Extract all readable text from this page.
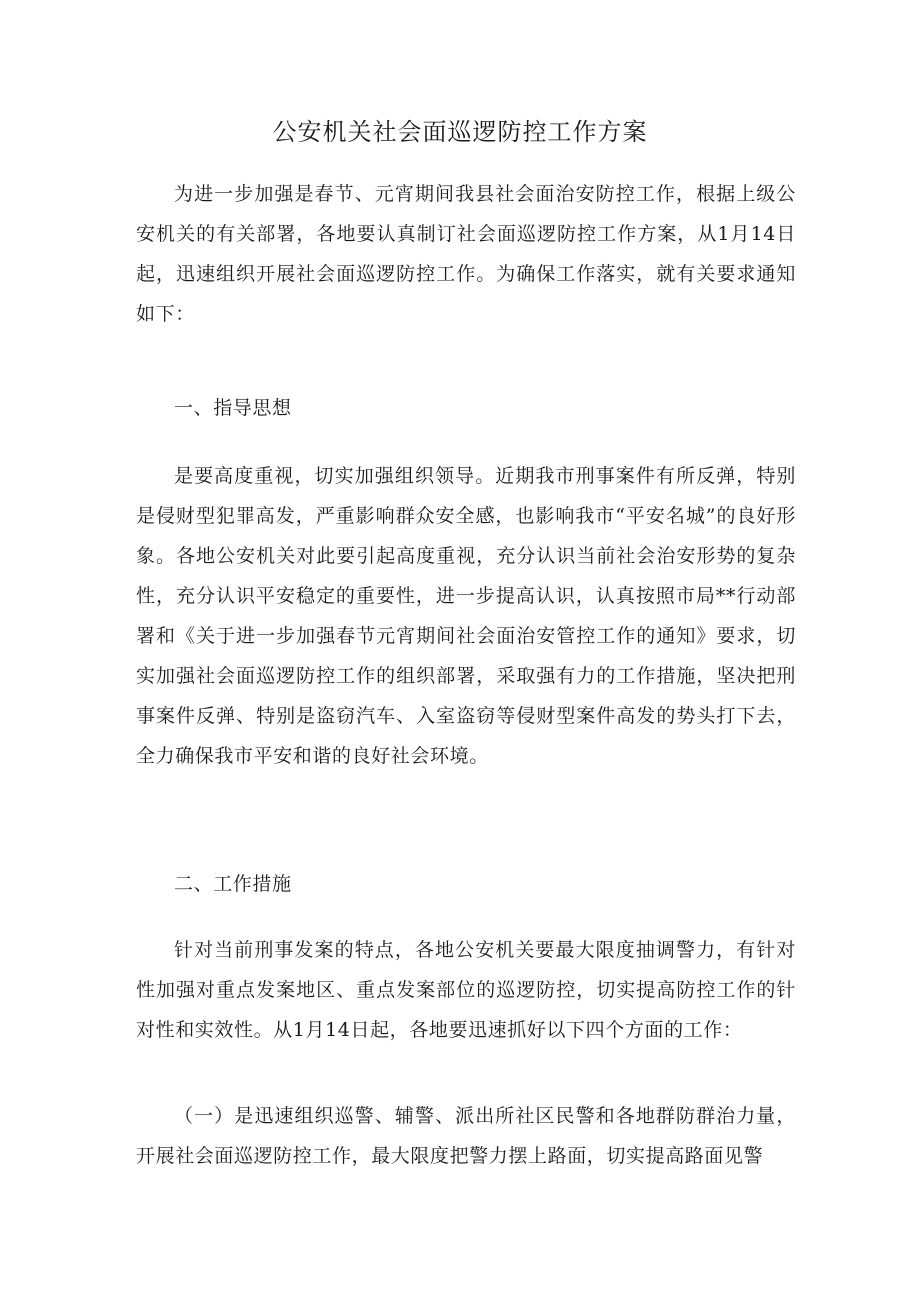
公安机关社会面巡逻防控工作方案

为进一步加强是春节、元宵期间我县社会面治安防控工作，根据上级公安机关的有关部署，各地要认真制订社会面巡逻防控工作方案，从1月14日起，迅速组织开展社会面巡逻防控工作。为确保工作落实，就有关要求通知如下：

一、指导思想

是要高度重视，切实加强组织领导。近期我市刑事案件有所反弹，特别是侵财型犯罪高发，严重影响群众安全感，也影响我市“平安名城”的良好形象。各地公安机关对此要引起高度重视，充分认识当前社会治安形势的复杂性，充分认识平安稳定的重要性，进一步提高认识，认真按照市局**行动部署和《关于进一步加强春节元宵期间社会面治安管控工作的通知》要求，切实加强社会面巡逻防控工作的组织部署，采取强有力的工作措施，坚决把刑事案件反弹、特别是盗窃汽车、入室盗窃等侵财型案件高发的势头打下去，全力确保我市平安和谐的良好社会环境。

二、工作措施

针对当前刑事发案的特点，各地公安机关要最大限度抽调警力，有针对性加强对重点发案地区、重点发案部位的巡逻防控，切实提高防控工作的针对性和实效性。从1月14日起，各地要迅速抓好以下四个方面的工作：

（一）是迅速组织巡警、辅警、派出所社区民警和各地群防群治力量，开展社会面巡逻防控工作，最大限度把警力摆上路面，切实提高路面见警
